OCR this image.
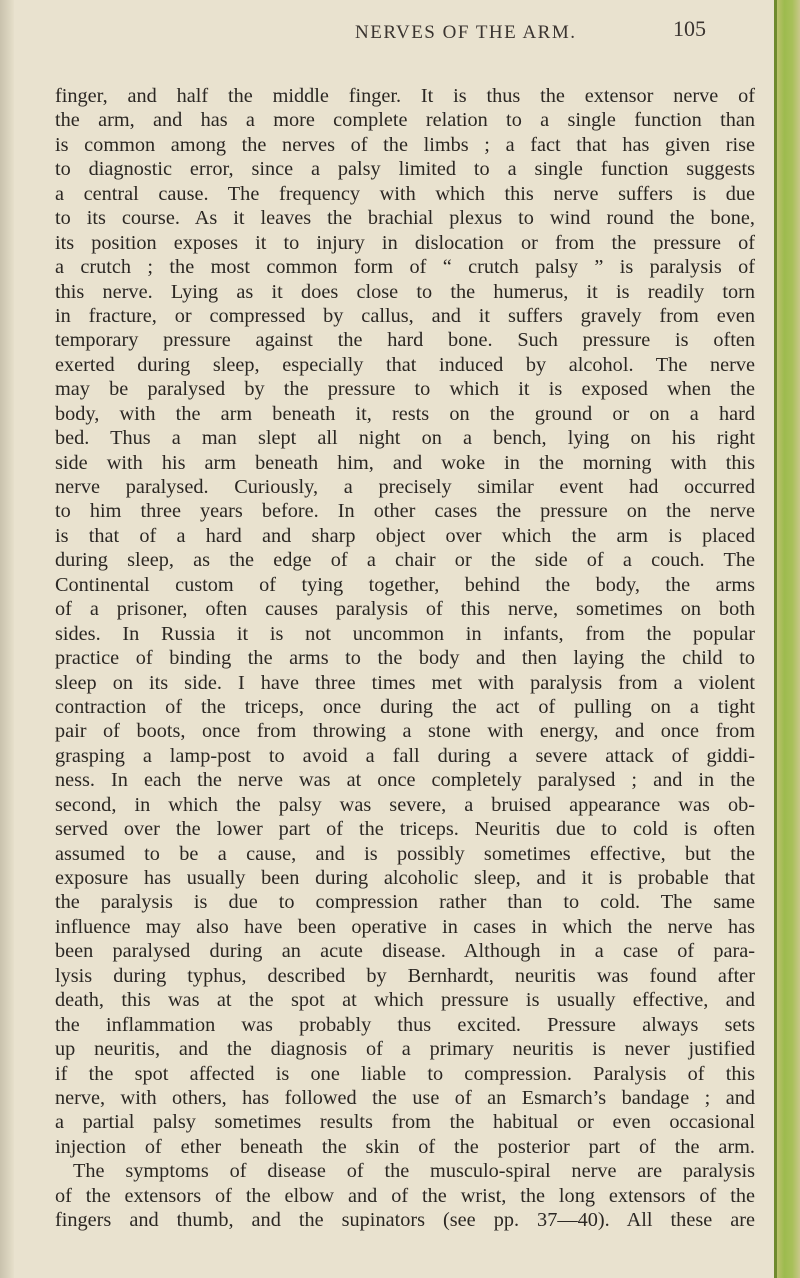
NERVES OF THE ARM.	105
finger, and half the middle finger. It is thus the extensor nerve of
the arm, and has a more complete relation to a single function than
is common among the nerves of the limbs ; a fact that has given rise
to diagnostic error, since a palsy limited to a single function suggests
a central cause. The frequency with which this nerve suffers is due
to its course. As it leaves the brachial plexus to wind round the bone,
its position exposes it to injury in dislocation or from the pressure of
a crutch ; the most common form of “ crutch palsy ” is paralysis of
this nerve. Lying as it does close to the humerus, it is readily torn
in fracture, or compressed by callus, and it suffers gravely from even
temporary pressure against the hard bone. Such pressure is often
exerted during sleep, especially that induced by alcohol. The nerve
may be paralysed by the pressure to which it is exposed when the
body, with the arm beneath it, rests on the ground or on a hard
bed. Thus a man slept all night on a bench, lying on his right
side with his arm beneath him, and woke in the morning with this
nerve paralysed. Curiously, a precisely similar event had occurred
to him three years before. In other cases the pressure on the nerve
is that of a hard and sharp object over which the arm is placed
during sleep, as the edge of a chair or the side of a couch. The
Continental custom of tying together, behind the body, the arms
of a prisoner, often causes paralysis of this nerve, sometimes on both
sides. In Russia it is not uncommon in infants, from the popular
practice of binding the arms to the body and then laying the child to
sleep on its side. I have three times met with paralysis from a violent
contraction of the triceps, once during the act of pulling on a tight
pair of boots, once from throwing a stone with energy, and once from
grasping a lamp-post to avoid a fall during a severe attack of giddi-
ness. In each the nerve was at once completely paralysed ; and in the
second, in which the palsy was severe, a bruised appearance was ob-
served over the lower part of the triceps. Neuritis due to cold is often
assumed to be a cause, and is possibly sometimes effective, but the
exposure has usually been during alcoholic sleep, and it is probable that
the paralysis is due to compression rather than to cold. The same
influence may also have been operative in cases in which the nerve has
been paralysed during an acute disease. Although in a case of para-
lysis during typhus, described by Bernhardt, neuritis was found after
death, this was at the spot at which pressure is usually effective, and
the inflammation was probably thus excited. Pressure always sets
up neuritis, and the diagnosis of a primary neuritis is never justified
if the spot affected is one liable to compression. Paralysis of this
nerve, with others, has followed the use of an Esmarch’s bandage ; and
a partial palsy sometimes results from the habitual or even occasional
injection of ether beneath the skin of the posterior part of the arm.
The symptoms of disease of the musculo-spiral nerve are paralysis
of the extensors of the elbow and of the wrist, the long extensors of the
fingers and thumb, and the supinators (see pp. 37—40). All these are
